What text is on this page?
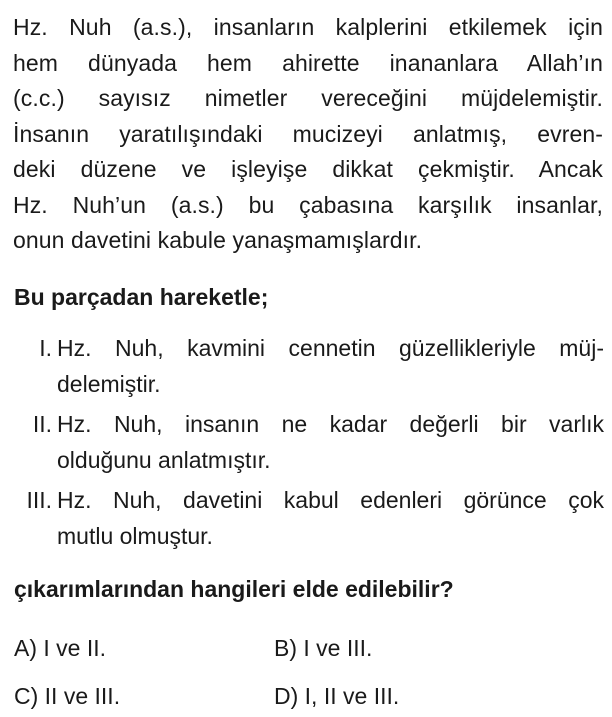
Hz. Nuh (a.s.), insanların kalplerini etkilemek için
hem dünyada hem ahirette inananlara Allah’ın
(c.c.) sayısız nimetler vereceğini müjdelemiştir.
İnsanın yaratılışındaki mucizeyi anlatmış, evren-
deki düzene ve işleyişe dikkat çekmiştir. Ancak
Hz. Nuh’un (a.s.) bu çabasına karşılık insanlar,
onun davetini kabule yanaşmamışlardır.
Bu parçadan hareketle;
I. Hz. Nuh, kavmini cennetin güzellikleriyle müj-
delemiştir.
II. Hz. Nuh, insanın ne kadar değerli bir varlık
olduğunu anlatmıştır.
III. Hz. Nuh, davetini kabul edenleri görünce çok
mutlu olmuştur.
çıkarımlarından hangileri elde edilebilir?
A) I ve II.	B) I ve III.
C) II ve III.	D) I, II ve III.
